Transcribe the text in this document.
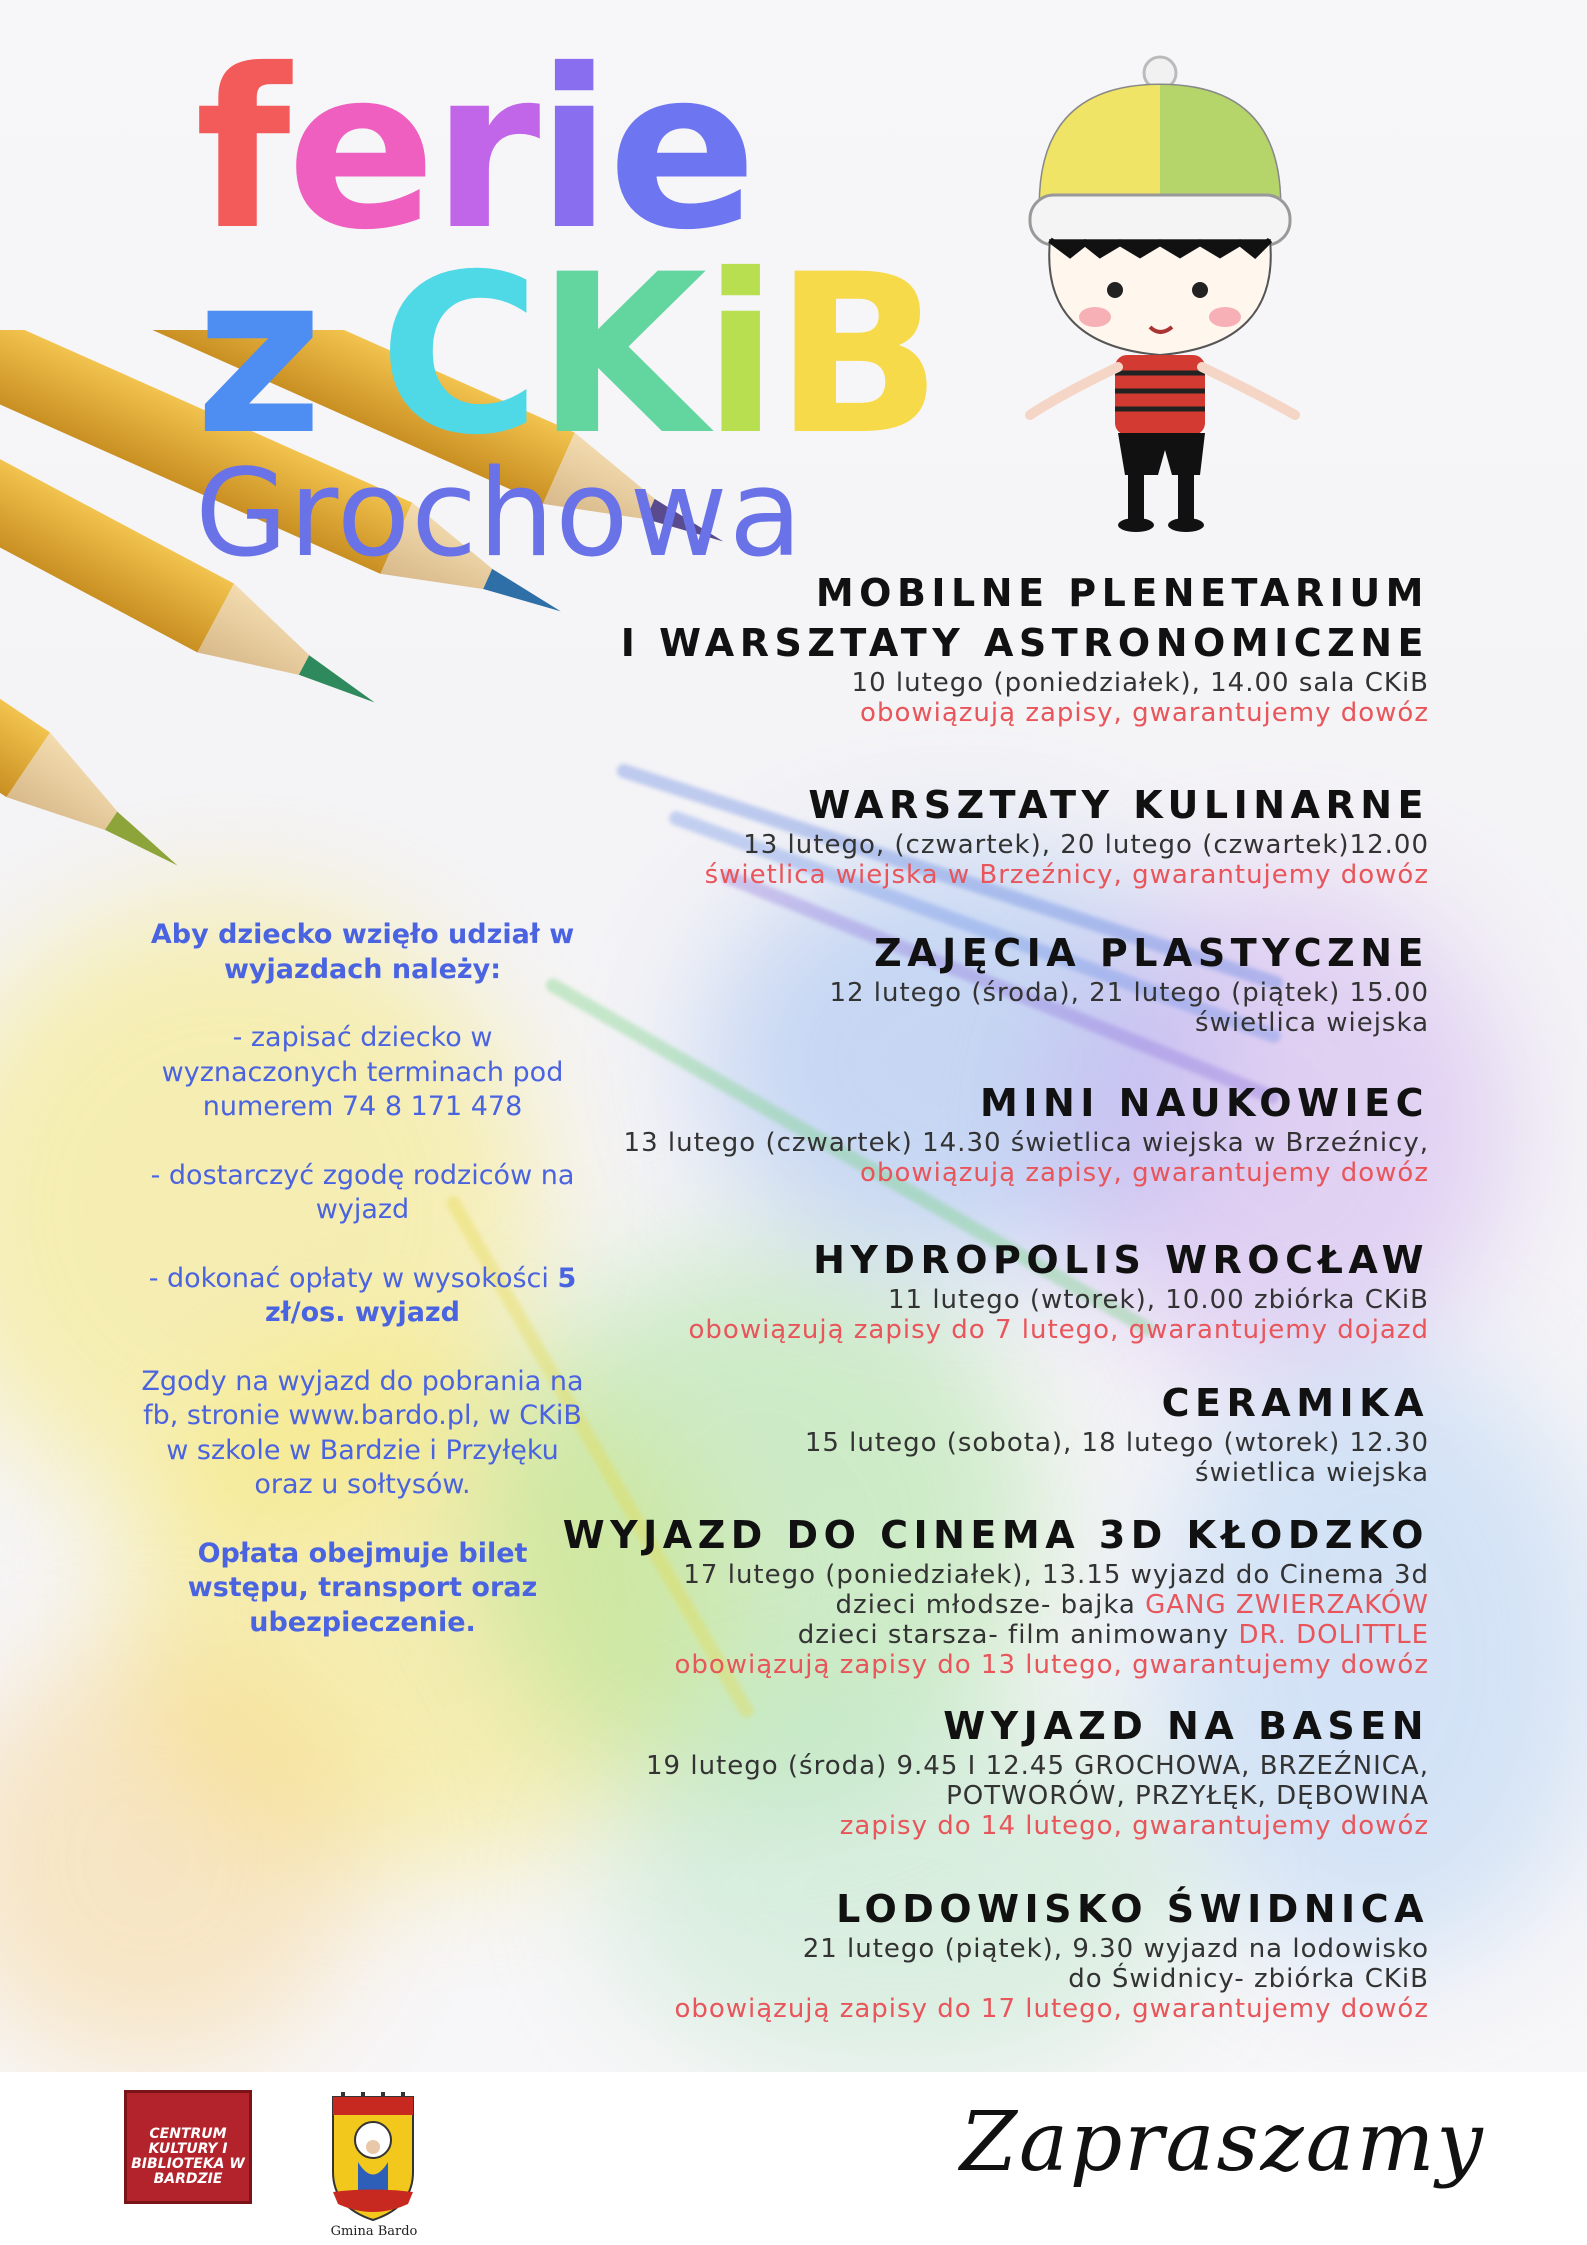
ferie
z CKiB
Grochowa

Aby dziecko wzięło udział w wyjazdach należy:

- zapisać dziecko w wyznaczonych terminach pod numerem 74 8 171 478

- dostarczyć zgodę rodziców na wyjazd

- dokonać opłaty w wysokości 5 zł/os. wyjazd

Zgody na wyjazd do pobrania na fb, stronie www.bardo.pl, w CKiB w szkole w Bardzie i Przyłęku oraz u sołtysów.

Opłata obejmuje bilet wstępu, transport oraz ubezpieczenie.

MOBILNE PLENETARIUM
I WARSZTATY ASTRONOMICZNE
10 lutego (poniedziałek), 14.00 sala CKiB
obowiązują zapisy, gwarantujemy dowóz
WARSZTATY KULINARNE
13 lutego, (czwartek), 20 lutego (czwartek)12.00
świetlica wiejska w Brzeźnicy, gwarantujemy dowóz
ZAJĘCIA PLASTYCZNE
12 lutego (środa), 21 lutego (piątek) 15.00
świetlica wiejska
MINI NAUKOWIEC
13 lutego (czwartek) 14.30 świetlica wiejska w Brzeźnicy,
obowiązują zapisy, gwarantujemy dowóz
HYDROPOLIS WROCŁAW
11 lutego (wtorek), 10.00 zbiórka CKiB
obowiązują zapisy do 7 lutego, gwarantujemy dojazd
CERAMIKA
15 lutego (sobota), 18 lutego (wtorek) 12.30
świetlica wiejska
WYJAZD DO CINEMA 3D KŁODZKO
17 lutego (poniedziałek), 13.15 wyjazd do Cinema 3d
dzieci młodsze- bajka GANG ZWIERZAKÓW
dzieci starsza- film animowany DR. DOLITTLE
obowiązują zapisy do 13 lutego, gwarantujemy dowóz
WYJAZD NA BASEN
19 lutego (środa) 9.45 I 12.45 GROCHOWA, BRZEŹNICA,
POTWORÓW, PRZYŁĘK, DĘBOWINA
zapisy do 14 lutego, gwarantujemy dowóz
LODOWISKO ŚWIDNICA
21 lutego (piątek), 9.30 wyjazd na lodowisko
do Świdnicy- zbiórka CKiB
obowiązują zapisy do 17 lutego, gwarantujemy dowóz
CENTRUM KULTURY I BIBLIOTEKA W BARDZIE
Gmina Bardo
Zapraszamy
